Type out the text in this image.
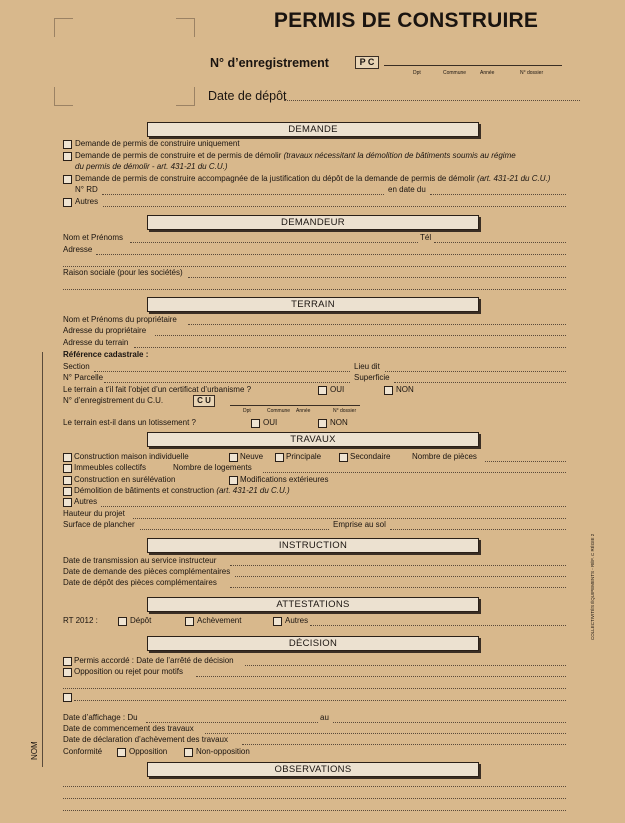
PERMIS DE CONSTRUIRE
N° d’enregistrement	P C
Dpt	Commune	Année	N° dossier
Date de dépôt
DEMANDE
Demande de permis de construire uniquement
Demande de permis de construire et de permis de démolir (travaux nécessitant la démolition de bâtiments soumis au régime
du permis de démolir - art. 431-21 du C.U.)
Demande de permis de construire accompagnée de la justification du dépôt de la demande de permis de démolir (art. 431-21 du C.U.)
N° RD	en date du
Autres
DEMANDEUR
Nom et Prénoms	Tél
Adresse
Raison sociale (pour les sociétés)
TERRAIN
Nom et Prénoms du propriétaire
Adresse du propriétaire
Adresse du terrain
Référence cadastrale :
Section	Lieu dit
N° Parcelle	Superficie
Le terrain a t’il fait l’objet d’un certificat d’urbanisme ?	OUI	NON
N° d’enregistrement du C.U.	C U
Dpt	Commune Année	N° dossier
Le terrain est-il dans un lotissement ?	OUI	NON
TRAVAUX
Construction maison individuelle	Neuve	Principale	Secondaire	Nombre de pièces
Immeubles collectifs	Nombre de logements
Construction en surélévation	Modifications extérieures
Démolition de bâtiments et construction (art. 431-21 du C.U.)
Autres
Hauteur du projet
Surface de plancher	Emprise au sol
INSTRUCTION
Date de transmission au service instructeur
Date de demande des pièces complémentaires
Date de dépôt des pièces complémentaires
ATTESTATIONS
RT 2012 :	Dépôt	Achèvement	Autres
DÉCISION
Permis accordé : Date de l’arrêté de décision
Opposition ou rejet pour motifs
Date d’affichage : Du	au
Date de commencement des travaux
Date de déclaration d’achèvement des travaux
Conformité	Opposition	Non-opposition
OBSERVATIONS
NOM
COLLECTIVITÉS ÉQUIPEMENTS - RÉF. C RÉGIE 2
